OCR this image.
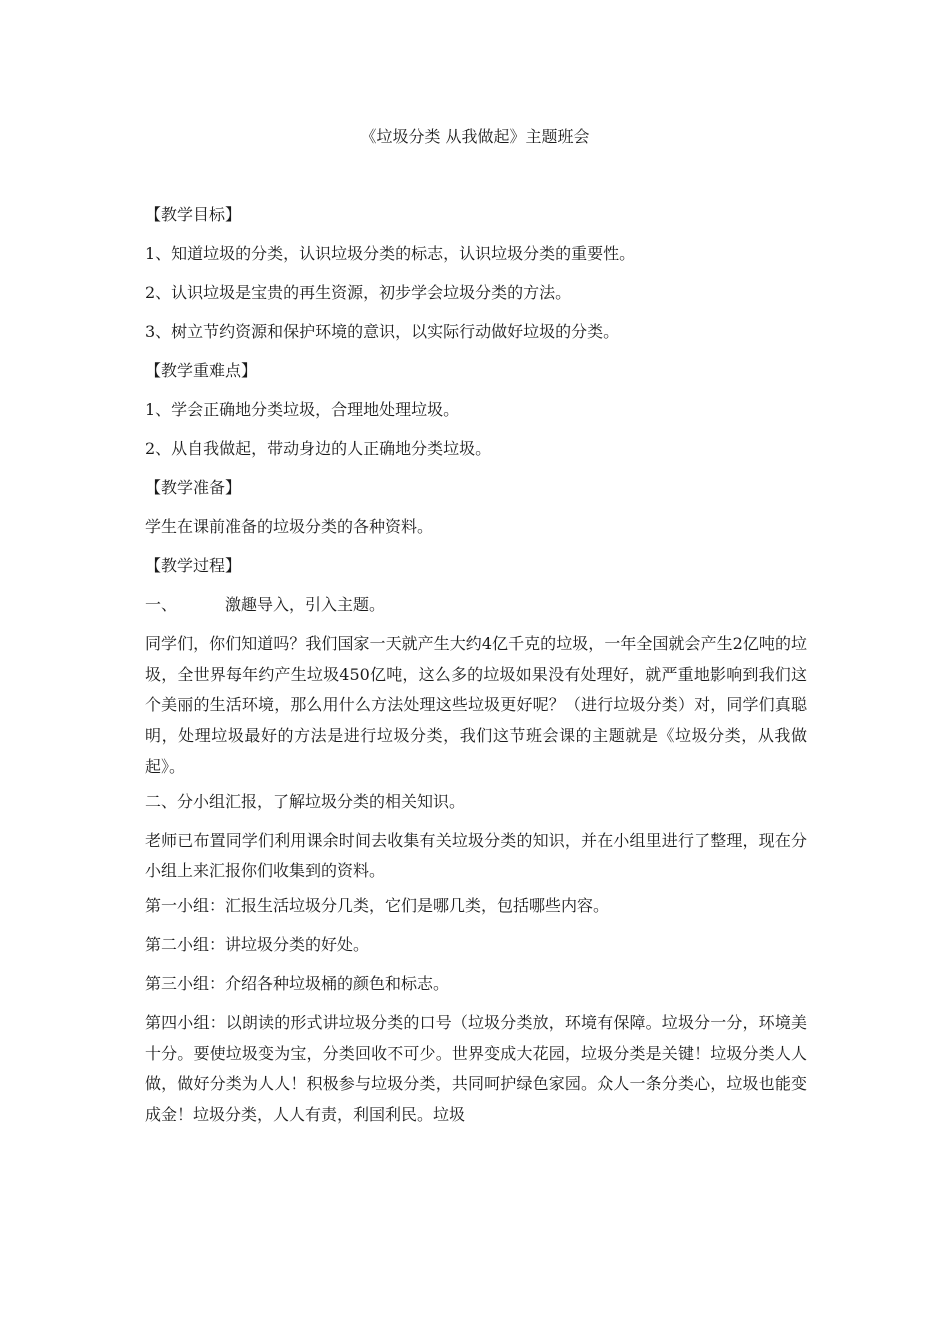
《垃圾分类 从我做起》主题班会
【教学目标】
1、知道垃圾的分类，认识垃圾分类的标志，认识垃圾分类的重要性。
2、认识垃圾是宝贵的再生资源，初步学会垃圾分类的方法。
3、树立节约资源和保护环境的意识，以实际行动做好垃圾的分类。
【教学重难点】
1、学会正确地分类垃圾，合理地处理垃圾。
2、从自我做起，带动身边的人正确地分类垃圾。
【教学准备】
学生在课前准备的垃圾分类的各种资料。
【教学过程】
一、	激趣导入，引入主题。
同学们，你们知道吗？我们国家一天就产生大约4亿千克的垃圾，一年全国就会产生2亿吨的垃圾，全世界每年约产生垃圾450亿吨，这么多的垃圾如果没有处理好，就严重地影响到我们这个美丽的生活环境，那么用什么方法处理这些垃圾更好呢？（进行垃圾分类）对，同学们真聪明，处理垃圾最好的方法是进行垃圾分类，我们这节班会课的主题就是《垃圾分类，从我做起》。
二、分小组汇报，了解垃圾分类的相关知识。
老师已布置同学们利用课余时间去收集有关垃圾分类的知识，并在小组里进行了整理，现在分小组上来汇报你们收集到的资料。
第一小组：汇报生活垃圾分几类，它们是哪几类，包括哪些内容。
第二小组：讲垃圾分类的好处。
第三小组：介绍各种垃圾桶的颜色和标志。
第四小组：以朗读的形式讲垃圾分类的口号（垃圾分类放，环境有保障。垃圾分一分，环境美十分。要使垃圾变为宝，分类回收不可少。世界变成大花园，垃圾分类是关键！垃圾分类人人做，做好分类为人人！积极参与垃圾分类，共同呵护绿色家园。众人一条分类心，垃圾也能变成金！垃圾分类，人人有责，利国利民。垃圾
